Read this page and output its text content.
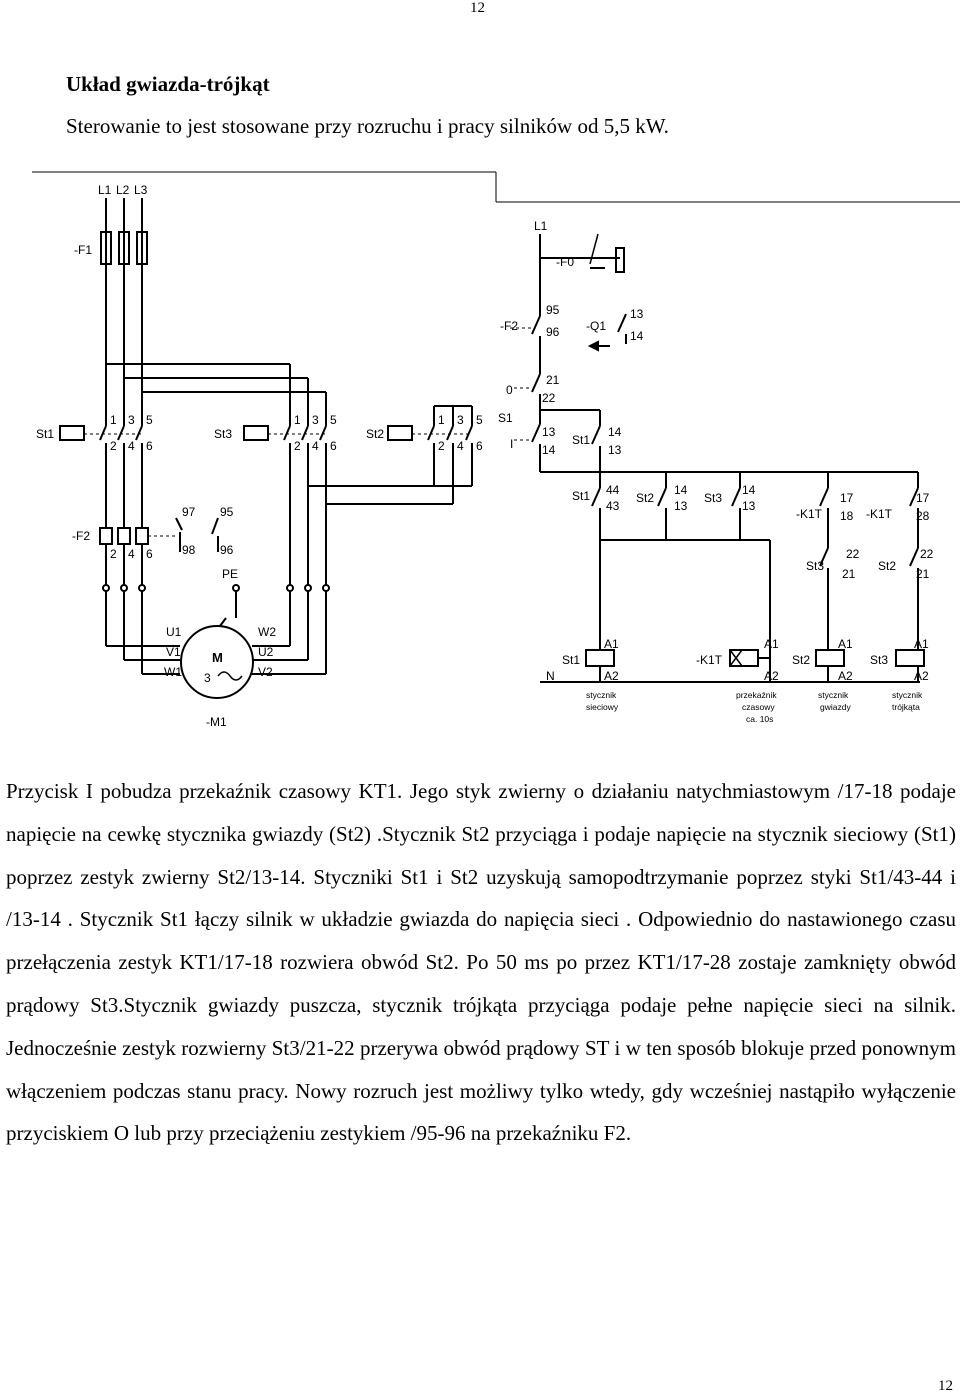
12
Układ gwiazda-trójkąt
Sterowanie to jest stosowane przy rozruchu i pracy silników od 5,5 kW.
L1 L2 L3
-F1
St1	St3	St2
1 3 5
2 4 6
1 3 5
2 4 6
1 3 5
2 4 6
-F2
2 4 6
97 95
98 96
PE
U1
V1
W1
W2
U2
V2
M
3
-M1
L1
-F0
-F2	-Q1
95
96
13
14
0
21
22
S1
I
13
14
St1
14
13
St1 44
43
St2
14
13
St3
14
13
-K1T
17
18 -K1T
17
28
St3
22
21
St2
22
21
St1
A1
A2
-K1T
A1
A2
St2
A1
A2
St3
A1
A2
N
stycznik
sieciowy
przekaźnik
czasowy
ca. 10s
stycznik
gwiazdy
stycznik
trójkąta

Przycisk I pobudza przekaźnik czasowy KT1. Jego styk zwierny o działaniu natychmiastowym /17-18 podaje napięcie na cewkę stycznika gwiazdy (St2) .Stycznik St2 przyciąga i podaje napięcie na stycznik sieciowy (St1) poprzez zestyk zwierny St2/13-14. Styczniki St1 i St2 uzyskują samopodtrzymanie poprzez styki St1/43-44 i /13-14 . Stycznik St1 łączy silnik w układzie gwiazda do napięcia sieci . Odpowiednio do nastawionego czasu przełączenia zestyk KT1/17-18 rozwiera obwód St2. Po 50 ms po przez KT1/17-28 zostaje zamknięty obwód prądowy St3.Stycznik gwiazdy puszcza, stycznik trójkąta przyciąga podaje pełne napięcie sieci na silnik. Jednocześnie zestyk rozwierny St3/21-22 przerywa obwód prądowy ST i w ten sposób blokuje przed ponownym włączeniem podczas stanu pracy. Nowy rozruch jest możliwy tylko wtedy, gdy wcześniej nastąpiło wyłączenie przyciskiem O lub przy przeciążeniu zestykiem /95-96 na przekaźniku F2.

12
